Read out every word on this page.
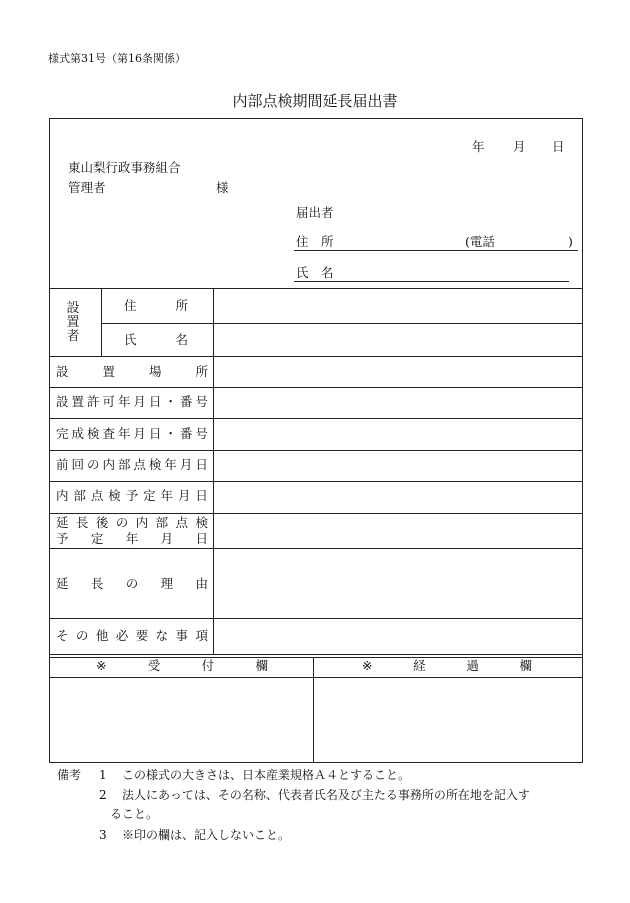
様式第31号（第16条関係）
内部点検期間延長届出書
年 月 日
東山梨行政事務組合
管理者	様
届出者
住　所	(電話	)
氏　名
設
置
者
住	所
氏	名
設	置	場	所
設 置 許 可 年 月 日 ・ 番 号
完 成 検 査 年 月 日 ・ 番 号
前 回 の 内 部 点 検 年 月 日
内 部 点 検 予 定 年 月 日
延 長 後 の 内 部 点 検
予 定 年 月 日
延 長 の 理 由
そ の 他 必 要 な 事 項
※	受	付	欄	※	経	過	欄
備考 1 この様式の大きさは、日本産業規格Ａ４とすること。
2 法人にあっては、その名称、代表者氏名及び主たる事務所の所在地を記入す
ること。
3 ※印の欄は、記入しないこと。
